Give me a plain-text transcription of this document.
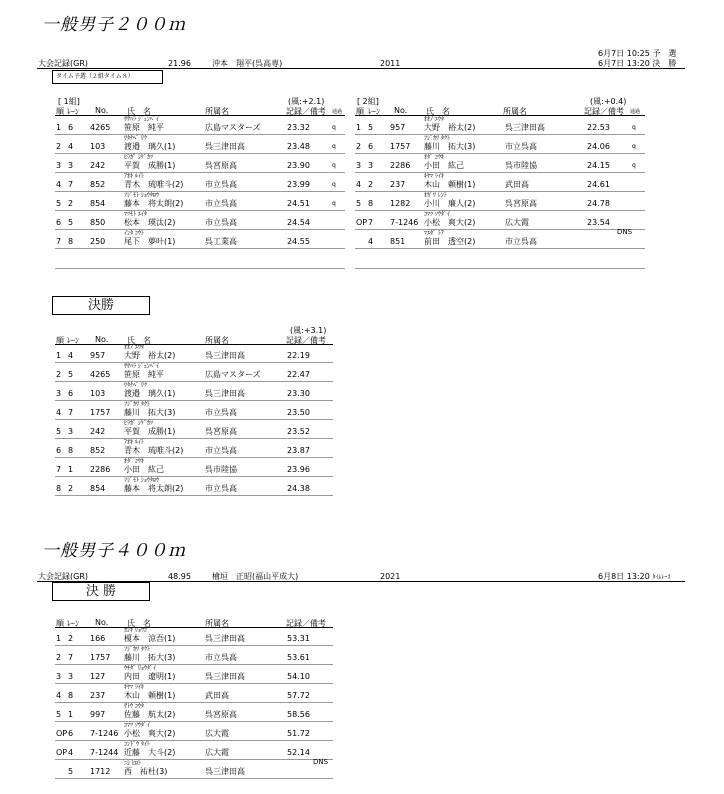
一般男子２００ｍ
6月7日 10:25 予　選
大会記録(GR)	21.96	沖本　翔平(呉高専)	2011	6月7日 13:20 決　勝
タイム予選（２組タイム８）
[ 1組]	(風:+2.1)
順 ﾚｰﾝ No. 氏　名	所属名	記録／備考 通過
ｻｻﾊﾗ ｼﾞｭﾝﾍﾟｲ
1 6 4265 笹原　純平	広島マスターズ	23.32	q
ﾜﾀﾅﾍﾞ ﾘｸ
2 4 103 渡邉　璃久(1)	呉三津田高	23.48	q
ﾋﾗｶﾞ ｼｹﾞｶﾂ
3 3 242 平賀　成勝(1)	呉宮原高	23.90	q
ｱｵｷ ﾙｲﾄ
4 7 852 青木　琉唯斗(2)	市立呉高	23.99	q
ﾌｼﾞﾓﾄ ｼｮｳﾀﾛｳ
5 2 854 藤本　将太朗(2)	市立呉高	24.51	q
ﾏﾂﾓﾄ ｴｲﾀ
6 5 850 松本　瑛汰(2)	市立呉高	24.54
ｲﾝﾀ ｺｳﾄ
7 8 250 尾下　夢叶(1)	呉工業高	24.55
[ 2組]	(風:+0.4)
順 ﾚｰﾝ No. 氏　名	所属名	記録／備考 通過
ｵｵﾉ ﾕｳﾀ
1 5 957 大野　裕太(2)	呉三津田高	22.53	q
ﾌｼﾞｶﾜ ﾀｸﾄ
2 6 1757 藤川　拓大(3)	市立呉高	24.06	q
ｵﾀﾞ ｺｳｷ
3 3 2286 小田　紘己	呉市陸協	24.15	q
ｷﾔﾏ ﾗｲｷ
4 2 237 木山　頼樹(1)	武田高	24.61
ｵｶﾞﾜ ﾚﾝﾄ
5 8 1282 小川　廉人(2)	呉宮原高	24.78
ｺﾏﾂ ｿｳﾀﾞｲ
OP 7 7-1246 小松　爽大(2)	広大霞	23.54
ﾏｴﾀﾞ ﾄｱ
4 851 前田　透空(2)	市立呉高
DNS
決勝
(風:+3.1)
順 ﾚｰﾝ No. 氏　名	所属名	記録／備考
ｵｵﾉ ﾕｳﾀ
1 4 957 大野　裕太(2)	呉三津田高	22.19
ｻｻﾊﾗ ｼﾞｭﾝﾍﾟｲ
2 5 4265 笹原　純平	広島マスターズ	22.47
ﾜﾀﾅﾍﾞ ﾘｸ
3 6 103 渡邉　璃久(1)	呉三津田高	23.30
ﾌｼﾞｶﾜ ﾀｸﾄ
4 7 1757 藤川　拓大(3)	市立呉高	23.50
ﾋﾗｶﾞ ｼｹﾞｶﾂ
5 3 242 平賀　成勝(1)	呉宮原高	23.52
ｱｵｷ ﾙｲﾄ
6 8 852 青木　琉唯斗(2)	市立呉高	23.87
ｵﾀﾞ ｺｳｷ
7 1 2286 小田　紘己	呉市陸協	23.96
ﾌｼﾞﾓﾄ ｼｮｳﾀﾛｳ
8 2 854 藤本　将太朗(2)	市立呉高	24.38
一般男子４００ｍ
大会記録(GR)	48.95	檜垣　正昭(福山平成大)	2021	6月8日 13:20 ﾀｲﾑﾚｰｽ
決 勝
順 ﾚｰﾝ No. 氏　名	所属名	記録／備考
ｶﾝｷ ﾘｮｳｺﾞ
1 2 166 榎本　涼吾(1)	呉三津田高	53.31
ﾌｼﾞｶﾜ ﾀｸﾄ
2 7 1757 藤川　拓大(3)	市立呉高	53.61
ｳﾁﾀﾞ ﾘｮｳﾀﾞｲ
3 3 127 内田　遼明(1)	呉三津田高	54.10
ｷﾔﾏ ﾗｲｷ
4 8 237 木山　頼樹(1)	武田高	57.72
ｻﾄｳ ｺｳﾀ
5 1 997 佐藤　航太(2)	呉宮原高	58.56
ｺﾏﾂ ｿｳﾀﾞｲ
OP 6 7-1246 小松　爽大(2)	広大霞	51.72
ｺﾝﾄﾞｳ ﾀｲﾄ
OP 4 7-1244 近藤　大斗(2)	広大霞	52.14
ﾆｼ ﾋﾛﾄ
5 1712 西　祐杜(3)	呉三津田高
DNS
